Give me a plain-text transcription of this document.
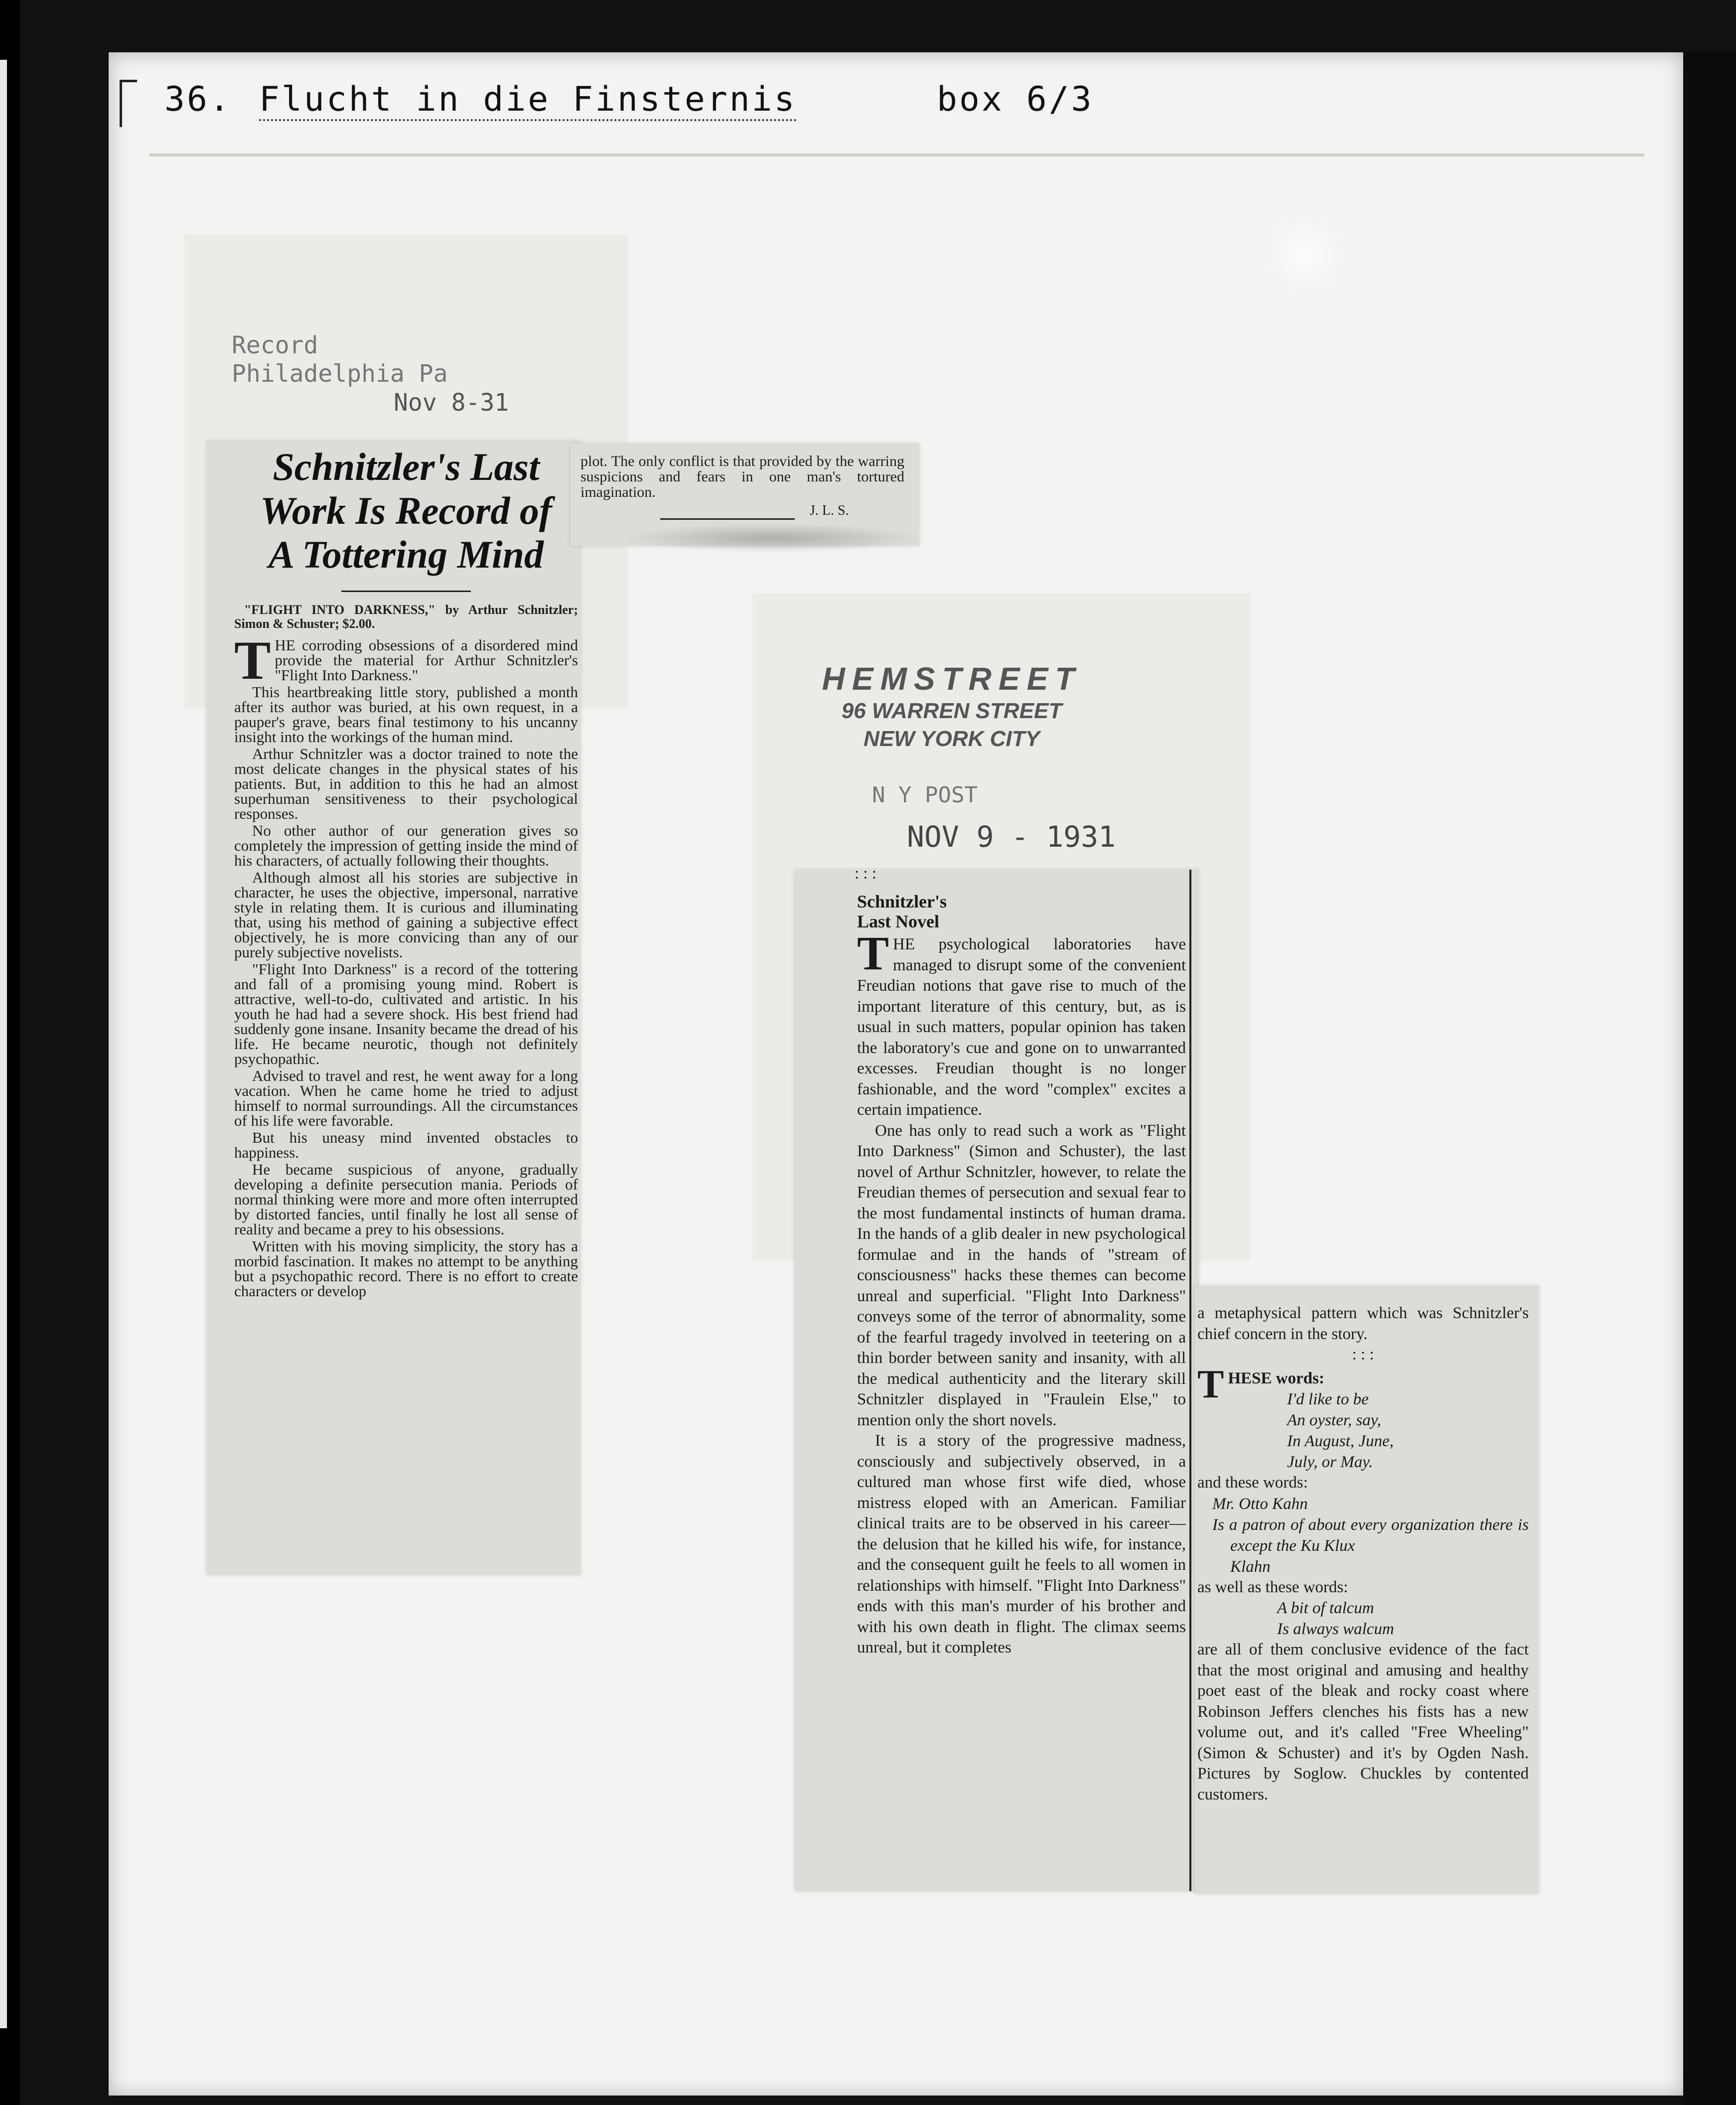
36. Flucht in die Finsternis	box 6/3
Record
Philadelphia Pa
Nov 8-31
Schnitzler's Last
Work Is Record of
A Tottering Mind
"FLIGHT INTO DARKNESS," by Arthur Schnitzler; Simon & Schuster; $2.00.

THE corroding obsessions of a disordered mind provide the material for Arthur Schnitzler's "Flight Into Darkness."

This heartbreaking little story, published a month after its author was buried, at his own request, in a pauper's grave, bears final testimony to his uncanny insight into the workings of the human mind.

Arthur Schnitzler was a doctor trained to note the most delicate changes in the physical states of his patients. But, in addition to this he had an almost superhuman sensitiveness to their psychological responses.

No other author of our generation gives so completely the impression of getting inside the mind of his characters, of actually following their thoughts.

Although almost all his stories are subjective in character, he uses the objective, impersonal, narrative style in relating them. It is curious and illuminating that, using his method of gaining a subjective effect objectively, he is more convicing than any of our purely subjective novelists.

"Flight Into Darkness" is a record of the tottering and fall of a promising young mind. Robert is attractive, well-to-do, cultivated and artistic. In his youth he had had a severe shock. His best friend had suddenly gone insane. Insanity became the dread of his life. He became neurotic, though not definitely psychopathic.

Advised to travel and rest, he went away for a long vacation. When he came home he tried to adjust himself to normal surroundings. All the circumstances of his life were favorable.

But his uneasy mind invented obstacles to happiness.

He became suspicious of anyone, gradually developing a definite persecution mania. Periods of normal thinking were more and more often interrupted by distorted fancies, until finally he lost all sense of reality and became a prey to his obsessions.

Written with his moving simplicity, the story has a morbid fascination. It makes no attempt to be anything but a psychopathic record. There is no effort to create characters or develop

plot. The only conflict is that provided by the warring suspicions and fears in one man's tortured imagination.
J. L. S.
HEMSTREET
96 WARREN STREET
NEW YORK CITY
N Y POST
NOV 9 - 1931
: : :
Schnitzler's
Last Novel

THE psychological laboratories have managed to disrupt some of the convenient Freudian notions that gave rise to much of the important literature of this century, but, as is usual in such matters, popular opinion has taken the laboratory's cue and gone on to unwarranted excesses. Freudian thought is no longer fashionable, and the word "complex" excites a certain impatience.

One has only to read such a work as "Flight Into Darkness" (Simon and Schuster), the last novel of Arthur Schnitzler, however, to relate the Freudian themes of persecution and sexual fear to the most fundamental instincts of human drama. In the hands of a glib dealer in new psychological formulae and in the hands of "stream of consciousness" hacks these themes can become unreal and superficial. "Flight Into Darkness" conveys some of the terror of abnormality, some of the fearful tragedy involved in teetering on a thin border between sanity and insanity, with all the medical authenticity and the literary skill Schnitzler displayed in "Fraulein Else," to mention only the short novels.

It is a story of the progressive madness, consciously and subjectively observed, in a cultured man whose first wife died, whose mistress eloped with an American. Familiar clinical traits are to be observed in his career—the delusion that he killed his wife, for instance, and the consequent guilt he feels to all women in relationships with himself. "Flight Into Darkness" ends with this man's murder of his brother and with his own death in flight. The climax seems unreal, but it completes

a metaphysical pattern which was Schnitzler's chief concern in the story.

: : :

THESE words:

I'd like to be
An oyster, say,
In August, June,
July, or May.

and these words:

Mr. Otto Kahn
Is a patron of about every organization there is except the Ku Klux
Klahn

as well as these words:

A bit of talcum
Is always walcum

are all of them conclusive evidence of the fact that the most original and amusing and healthy poet east of the bleak and rocky coast where Robinson Jeffers clenches his fists has a new volume out, and it's called "Free Wheeling" (Simon & Schuster) and it's by Ogden Nash. Pictures by Soglow. Chuckles by contented customers.
